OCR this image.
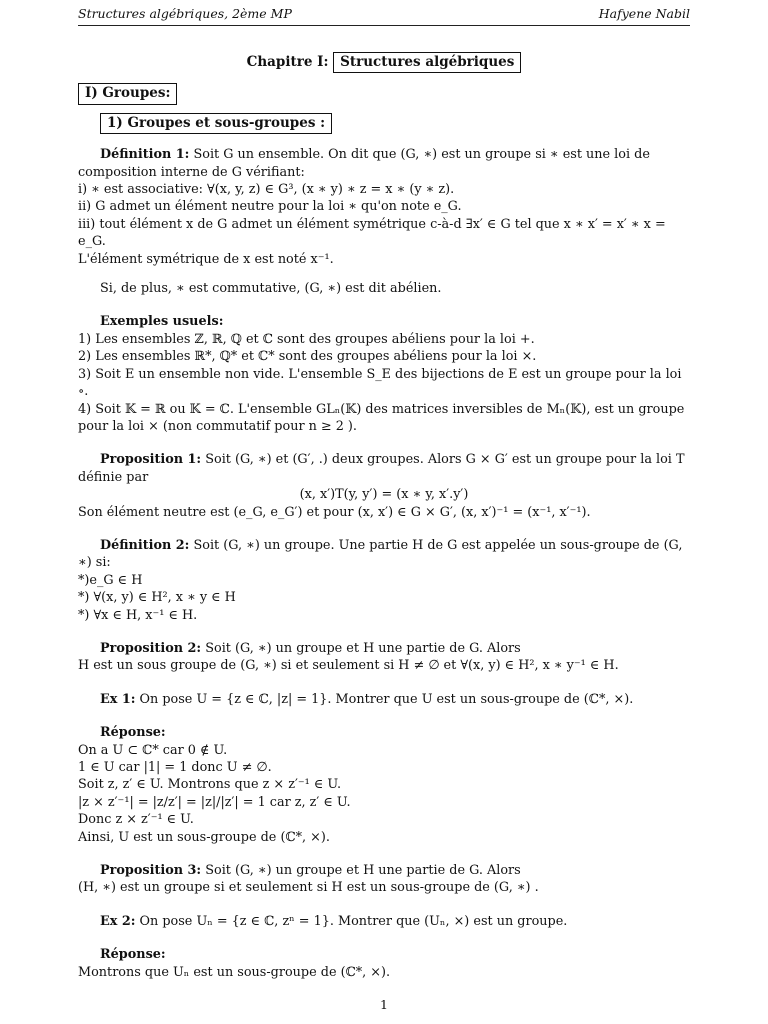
Structures algébriques, 2ème MP	Hafyene Nabil
Chapitre I: Structures algébriques
I) Groupes:
1) Groupes et sous-groupes :

Définition 1: Soit G un ensemble. On dit que (G, ∗) est un groupe si ∗ est une loi de composition interne de G vérifiant:

i) ∗ est associative: ∀(x, y, z) ∈ G³, (x ∗ y) ∗ z = x ∗ (y ∗ z).

ii) G admet un élément neutre pour la loi ∗ qu'on note e_G.

iii) tout élément x de G admet un élément symétrique c-à-d ∃x′ ∈ G tel que x ∗ x′ = x′ ∗ x = e_G.

L'élément symétrique de x est noté x⁻¹.

Si, de plus, ∗ est commutative, (G, ∗) est dit abélien.

Exemples usuels:

1) Les ensembles ℤ, ℝ, ℚ et ℂ sont des groupes abéliens pour la loi +.

2) Les ensembles ℝ*, ℚ* et ℂ* sont des groupes abéliens pour la loi ×.

3) Soit E un ensemble non vide. L'ensemble S_E des bijections de E est un groupe pour la loi ∘.

4) Soit 𝕂 = ℝ ou 𝕂 = ℂ. L'ensemble GLₙ(𝕂) des matrices inversibles de Mₙ(𝕂), est un groupe pour la loi × (non commutatif pour n ≥ 2 ).

Proposition 1: Soit (G, ∗) et (G′, .) deux groupes. Alors G × G′ est un groupe pour la loi T définie par

(x, x′)T(y, y′) = (x ∗ y, x′.y′)

Son élément neutre est (e_G, e_G′) et pour (x, x′) ∈ G × G′, (x, x′)⁻¹ = (x⁻¹, x′⁻¹).

Définition 2: Soit (G, ∗) un groupe. Une partie H de G est appelée un sous-groupe de (G, ∗) si:

*)e_G ∈ H

*) ∀(x, y) ∈ H², x ∗ y ∈ H

*) ∀x ∈ H, x⁻¹ ∈ H.

Proposition 2: Soit (G, ∗) un groupe et H une partie de G. Alors

H est un sous groupe de (G, ∗) si et seulement si H ≠ ∅ et ∀(x, y) ∈ H², x ∗ y⁻¹ ∈ H.

Ex 1: On pose U = {z ∈ ℂ, |z| = 1}. Montrer que U est un sous-groupe de (ℂ*, ×).

Réponse:

On a U ⊂ ℂ* car 0 ∉ U.

1 ∈ U car |1| = 1 donc U ≠ ∅.

Soit z, z′ ∈ U. Montrons que z × z′⁻¹ ∈ U.

|z × z′⁻¹| = |z/z′| = |z|/|z′| = 1 car z, z′ ∈ U.

Donc z × z′⁻¹ ∈ U.

Ainsi, U est un sous-groupe de (ℂ*, ×).

Proposition 3: Soit (G, ∗) un groupe et H une partie de G. Alors

(H, ∗) est un groupe si et seulement si H est un sous-groupe de (G, ∗) .

Ex 2: On pose Uₙ = {z ∈ ℂ, zⁿ = 1}. Montrer que (Uₙ, ×) est un groupe.

Réponse:

Montrons que Uₙ est un sous-groupe de (ℂ*, ×).

1
